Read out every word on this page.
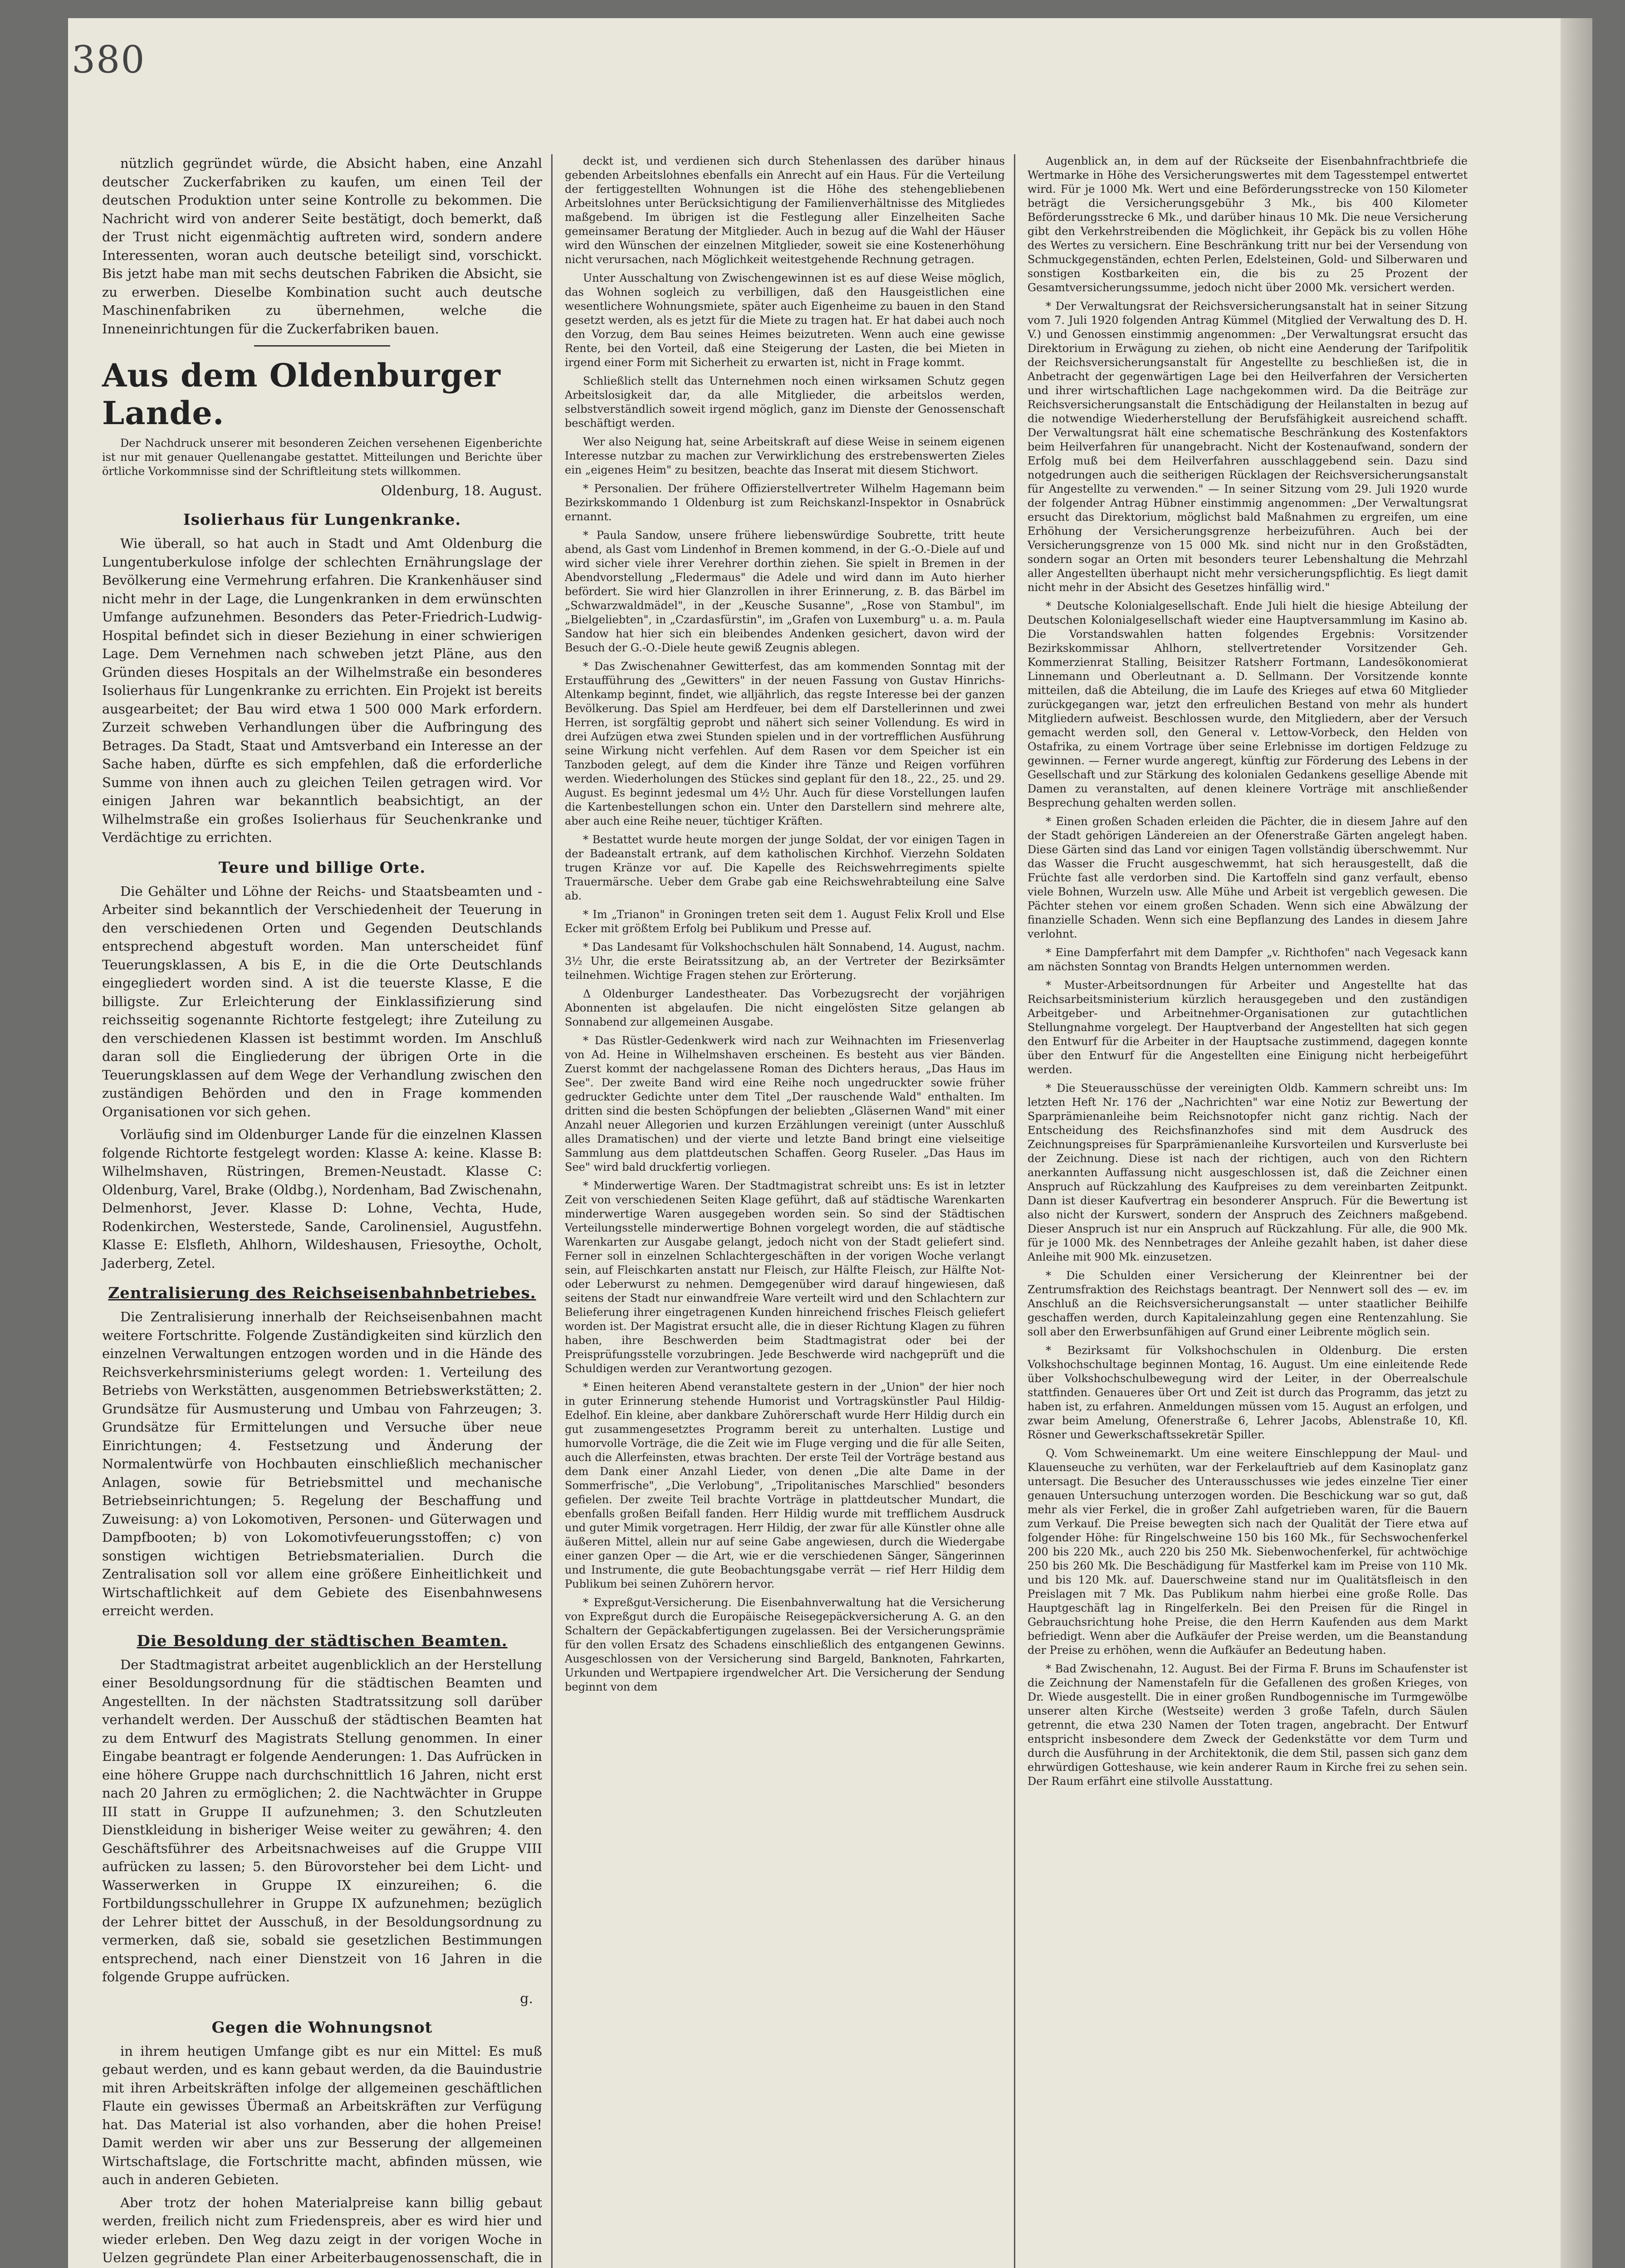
380

nützlich gegründet würde, die Absicht haben, eine Anzahl deutscher Zuckerfabriken zu kaufen, um einen Teil der deutschen Produktion unter seine Kontrolle zu bekommen. Die Nachricht wird von anderer Seite bestätigt, doch bemerkt, daß der Trust nicht eigenmächtig auftreten wird, sondern andere Interessenten, woran auch deutsche beteiligt sind, vorschickt. Bis jetzt habe man mit sechs deutschen Fabriken die Absicht, sie zu erwerben. Dieselbe Kombination sucht auch deutsche Maschinenfabriken zu übernehmen, welche die Inneneinrichtungen für die Zuckerfabriken bauen.

Aus dem Oldenburger Lande.

Der Nachdruck unserer mit besonderen Zeichen versehenen Eigenberichte ist nur mit genauer Quellenangabe gestattet. Mitteilungen und Berichte über örtliche Vorkommnisse sind der Schriftleitung stets willkommen.

Oldenburg, 18. August.
Isolierhaus für Lungenkranke.

Wie überall, so hat auch in Stadt und Amt Oldenburg die Lungentuberkulose infolge der schlechten Ernährungslage der Bevölkerung eine Vermehrung erfahren. Die Krankenhäuser sind nicht mehr in der Lage, die Lungenkranken in dem erwünschten Umfange aufzunehmen. Besonders das Peter-Friedrich-Ludwig-Hospital befindet sich in dieser Beziehung in einer schwierigen Lage. Dem Vernehmen nach schweben jetzt Pläne, aus den Gründen dieses Hospitals an der Wilhelmstraße ein besonderes Isolierhaus für Lungenkranke zu errichten. Ein Projekt ist bereits ausgearbeitet; der Bau wird etwa 1 500 000 Mark erfordern. Zurzeit schweben Verhandlungen über die Aufbringung des Betrages. Da Stadt, Staat und Amtsverband ein Interesse an der Sache haben, dürfte es sich empfehlen, daß die erforderliche Summe von ihnen auch zu gleichen Teilen getragen wird. Vor einigen Jahren war bekanntlich beabsichtigt, an der Wilhelmstraße ein großes Isolierhaus für Seuchenkranke und Verdächtige zu errichten.

Teure und billige Orte.

Die Gehälter und Löhne der Reichs- und Staatsbeamten und -Arbeiter sind bekanntlich der Verschiedenheit der Teuerung in den verschiedenen Orten und Gegenden Deutschlands entsprechend abgestuft worden. Man unterscheidet fünf Teuerungsklassen, A bis E, in die die Orte Deutschlands eingegliedert worden sind. A ist die teuerste Klasse, E die billigste. Zur Erleichterung der Einklassifizierung sind reichsseitig sogenannte Richtorte festgelegt; ihre Zuteilung zu den verschiedenen Klassen ist bestimmt worden. Im Anschluß daran soll die Eingliederung der übrigen Orte in die Teuerungsklassen auf dem Wege der Verhandlung zwischen den zuständigen Behörden und den in Frage kommenden Organisationen vor sich gehen.

Vorläufig sind im Oldenburger Lande für die einzelnen Klassen folgende Richtorte festgelegt worden: Klasse A: keine. Klasse B: Wilhelmshaven, Rüstringen, Bremen-Neustadt. Klasse C: Oldenburg, Varel, Brake (Oldbg.), Nordenham, Bad Zwischenahn, Delmenhorst, Jever. Klasse D: Lohne, Vechta, Hude, Rodenkirchen, Westerstede, Sande, Carolinensiel, Augustfehn. Klasse E: Elsfleth, Ahlhorn, Wildeshausen, Friesoythe, Ocholt, Jaderberg, Zetel.

Zentralisierung des Reichseisenbahnbetriebes.

Die Zentralisierung innerhalb der Reichseisenbahnen macht weitere Fortschritte. Folgende Zuständigkeiten sind kürzlich den einzelnen Verwaltungen entzogen worden und in die Hände des Reichsverkehrsministeriums gelegt worden: 1. Verteilung des Betriebs von Werkstätten, ausgenommen Betriebswerkstätten; 2. Grundsätze für Ausmusterung und Umbau von Fahrzeugen; 3. Grundsätze für Ermittelungen und Versuche über neue Einrichtungen; 4. Festsetzung und Änderung der Normalentwürfe von Hochbauten einschließlich mechanischer Anlagen, sowie für Betriebsmittel und mechanische Betriebseinrichtungen; 5. Regelung der Beschaffung und Zuweisung: a) von Lokomotiven, Personen- und Güterwagen und Dampfbooten; b) von Lokomotivfeuerungsstoffen; c) von sonstigen wichtigen Betriebsmaterialien. Durch die Zentralisation soll vor allem eine größere Einheitlichkeit und Wirtschaftlichkeit auf dem Gebiete des Eisenbahnwesens erreicht werden.

Die Besoldung der städtischen Beamten.

Der Stadtmagistrat arbeitet augenblicklich an der Herstellung einer Besoldungsordnung für die städtischen Beamten und Angestellten. In der nächsten Stadtratssitzung soll darüber verhandelt werden. Der Ausschuß der städtischen Beamten hat zu dem Entwurf des Magistrats Stellung genommen. In einer Eingabe beantragt er folgende Aenderungen: 1. Das Aufrücken in eine höhere Gruppe nach durchschnittlich 16 Jahren, nicht erst nach 20 Jahren zu ermöglichen; 2. die Nachtwächter in Gruppe III statt in Gruppe II aufzunehmen; 3. den Schutzleuten Dienstkleidung in bisheriger Weise weiter zu gewähren; 4. den Geschäftsführer des Arbeitsnachweises auf die Gruppe VIII aufrücken zu lassen; 5. den Bürovorsteher bei dem Licht- und Wasserwerken in Gruppe IX einzureihen; 6. die Fortbildungsschullehrer in Gruppe IX aufzunehmen; bezüglich der Lehrer bittet der Ausschuß, in der Besoldungsordnung zu vermerken, daß sie, sobald sie gesetzlichen Bestimmungen entsprechend, nach einer Dienstzeit von 16 Jahren in die folgende Gruppe aufrücken.

g.
Gegen die Wohnungsnot

in ihrem heutigen Umfange gibt es nur ein Mittel: Es muß gebaut werden, und es kann gebaut werden, da die Bauindustrie mit ihren Arbeitskräften infolge der allgemeinen geschäftlichen Flaute ein gewisses Übermaß an Arbeitskräften zur Verfügung hat. Das Material ist also vorhanden, aber die hohen Preise! Damit werden wir aber uns zur Besserung der allgemeinen Wirtschaftslage, die Fortschritte macht, abfinden müssen, wie auch in anderen Gebieten.

Aber trotz der hohen Materialpreise kann billig gebaut werden, freilich nicht zum Friedenspreis, aber es wird hier und wieder erleben. Den Weg dazu zeigt in der vorigen Woche in Uelzen gegründete Plan einer Arbeiterbaugenossenschaft, die in

deckt ist, und verdienen sich durch Stehenlassen des darüber hinaus gebenden Arbeitslohnes ebenfalls ein Anrecht auf ein Haus. Für die Verteilung der fertiggestellten Wohnungen ist die Höhe des stehengebliebenen Arbeitslohnes unter Berücksichtigung der Familienverhältnisse des Mitgliedes maßgebend. Im übrigen ist die Festlegung aller Einzelheiten Sache gemeinsamer Beratung der Mitglieder. Auch in bezug auf die Wahl der Häuser wird den Wünschen der einzelnen Mitglieder, soweit sie eine Kostenerhöhung nicht verursachen, nach Möglichkeit weitestgehende Rechnung getragen.

Unter Ausschaltung von Zwischengewinnen ist es auf diese Weise möglich, das Wohnen sogleich zu verbilligen, daß den Hausgeistlichen eine wesentlichere Wohnungsmiete, später auch Eigenheime zu bauen in den Stand gesetzt werden, als es jetzt für die Miete zu tragen hat. Er hat dabei auch noch den Vorzug, dem Bau seines Heimes beizutreten. Wenn auch eine gewisse Rente, bei den Vorteil, daß eine Steigerung der Lasten, die bei Mieten in irgend einer Form mit Sicherheit zu erwarten ist, nicht in Frage kommt.

Schließlich stellt das Unternehmen noch einen wirksamen Schutz gegen Arbeitslosigkeit dar, da alle Mitglieder, die arbeitslos werden, selbstverständlich soweit irgend möglich, ganz im Dienste der Genossenschaft beschäftigt werden.

Wer also Neigung hat, seine Arbeitskraft auf diese Weise in seinem eigenen Interesse nutzbar zu machen zur Verwirklichung des erstrebenswerten Zieles ein „eigenes Heim" zu besitzen, beachte das Inserat mit diesem Stichwort.

* Personalien. Der frühere Offizierstellvertreter Wilhelm Hagemann beim Bezirkskommando 1 Oldenburg ist zum Reichskanzl-Inspektor in Osnabrück ernannt.

* Paula Sandow, unsere frühere liebenswürdige Soubrette, tritt heute abend, als Gast vom Lindenhof in Bremen kommend, in der G.-O.-Diele auf und wird sicher viele ihrer Verehrer dorthin ziehen. Sie spielt in Bremen in der Abendvorstellung „Fledermaus" die Adele und wird dann im Auto hierher befördert. Sie wird hier Glanzrollen in ihrer Erinnerung, z. B. das Bärbel im „Schwarzwaldmädel", in der „Keusche Susanne", „Rose von Stambul", im „Bielgeliebten", in „Czardasfürstin", im „Grafen von Luxemburg" u. a. m. Paula Sandow hat hier sich ein bleibendes Andenken gesichert, davon wird der Besuch der G.-O.-Diele heute gewiß Zeugnis ablegen.

* Das Zwischenahner Gewitterfest, das am kommenden Sonntag mit der Erstaufführung des „Gewitters" in der neuen Fassung von Gustav Hinrichs-Altenkamp beginnt, findet, wie alljährlich, das regste Interesse bei der ganzen Bevölkerung. Das Spiel am Herdfeuer, bei dem elf Darstellerinnen und zwei Herren, ist sorgfältig geprobt und nähert sich seiner Vollendung. Es wird in drei Aufzügen etwa zwei Stunden spielen und in der vortrefflichen Ausführung seine Wirkung nicht verfehlen. Auf dem Rasen vor dem Speicher ist ein Tanzboden gelegt, auf dem die Kinder ihre Tänze und Reigen vorführen werden. Wiederholungen des Stückes sind geplant für den 18., 22., 25. und 29. August. Es beginnt jedesmal um 4½ Uhr. Auch für diese Vorstellungen laufen die Kartenbestellungen schon ein. Unter den Darstellern sind mehrere alte, aber auch eine Reihe neuer, tüchtiger Kräften.

* Bestattet wurde heute morgen der junge Soldat, der vor einigen Tagen in der Badeanstalt ertrank, auf dem katholischen Kirchhof. Vierzehn Soldaten trugen Kränze vor auf. Die Kapelle des Reichswehrregiments spielte Trauermärsche. Ueber dem Grabe gab eine Reichswehrabteilung eine Salve ab.

* Im „Trianon" in Groningen treten seit dem 1. August Felix Kroll und Else Ecker mit größtem Erfolg bei Publikum und Presse auf.

* Das Landesamt für Volkshochschulen hält Sonnabend, 14. August, nachm. 3½ Uhr, die erste Beiratssitzung ab, an der Vertreter der Bezirksämter teilnehmen. Wichtige Fragen stehen zur Erörterung.

Δ Oldenburger Landestheater. Das Vorbezugsrecht der vorjährigen Abonnenten ist abgelaufen. Die nicht eingelösten Sitze gelangen ab Sonnabend zur allgemeinen Ausgabe.

* Das Rüstler-Gedenkwerk wird nach zur Weihnachten im Friesenverlag von Ad. Heine in Wilhelmshaven erscheinen. Es besteht aus vier Bänden. Zuerst kommt der nachgelassene Roman des Dichters heraus, „Das Haus im See". Der zweite Band wird eine Reihe noch ungedruckter sowie früher gedruckter Gedichte unter dem Titel „Der rauschende Wald" enthalten. Im dritten sind die besten Schöpfungen der beliebten „Gläsernen Wand" mit einer Anzahl neuer Allegorien und kurzen Erzählungen vereinigt (unter Ausschluß alles Dramatischen) und der vierte und letzte Band bringt eine vielseitige Sammlung aus dem plattdeutschen Schaffen. Georg Ruseler. „Das Haus im See" wird bald druckfertig vorliegen.

* Minderwertige Waren. Der Stadtmagistrat schreibt uns: Es ist in letzter Zeit von verschiedenen Seiten Klage geführt, daß auf städtische Warenkarten minderwertige Waren ausgegeben worden sein. So sind der Städtischen Verteilungsstelle minderwertige Bohnen vorgelegt worden, die auf städtische Warenkarten zur Ausgabe gelangt, jedoch nicht von der Stadt geliefert sind. Ferner soll in einzelnen Schlachtergeschäften in der vorigen Woche verlangt sein, auf Fleischkarten anstatt nur Fleisch, zur Hälfte Fleisch, zur Hälfte Not- oder Leberwurst zu nehmen. Demgegenüber wird darauf hingewiesen, daß seitens der Stadt nur einwandfreie Ware verteilt wird und den Schlachtern zur Belieferung ihrer eingetragenen Kunden hinreichend frisches Fleisch geliefert worden ist. Der Magistrat ersucht alle, die in dieser Richtung Klagen zu führen haben, ihre Beschwerden beim Stadtmagistrat oder bei der Preisprüfungsstelle vorzubringen. Jede Beschwerde wird nachgeprüft und die Schuldigen werden zur Verantwortung gezogen.

* Einen heiteren Abend veranstaltete gestern in der „Union" der hier noch in guter Erinnerung stehende Humorist und Vortragskünstler Paul Hildig-Edelhof. Ein kleine, aber dankbare Zuhörerschaft wurde Herr Hildig durch ein gut zusammengesetztes Programm bereit zu unterhalten. Lustige und humorvolle Vorträge, die die Zeit wie im Fluge verging und die für alle Seiten, auch die Allerfeinsten, etwas brachten. Der erste Teil der Vorträge bestand aus dem Dank einer Anzahl Lieder, von denen „Die alte Dame in der Sommerfrische", „Die Verlobung", „Tripolitanisches Marschlied" besonders gefielen. Der zweite Teil brachte Vorträge in plattdeutscher Mundart, die ebenfalls großen Beifall fanden. Herr Hildig wurde mit trefflichem Ausdruck und guter Mimik vorgetragen. Herr Hildig, der zwar für alle Künstler ohne alle äußeren Mittel, allein nur auf seine Gabe angewiesen, durch die Wiedergabe einer ganzen Oper — die Art, wie er die verschiedenen Sänger, Sängerinnen und Instrumente, die gute Beobachtungsgabe verrät — rief Herr Hildig dem Publikum bei seinen Zuhörern hervor.

* Expreßgut-Versicherung. Die Eisenbahnverwaltung hat die Versicherung von Expreßgut durch die Europäische Reisegepäckversicherung A. G. an den Schaltern der Gepäckabfertigungen zugelassen. Bei der Versicherungsprämie für den vollen Ersatz des Schadens einschließlich des entgangenen Gewinns. Ausgeschlossen von der Versicherung sind Bargeld, Banknoten, Fahrkarten, Urkunden und Wertpapiere irgendwelcher Art. Die Versicherung der Sendung beginnt von dem

Augenblick an, in dem auf der Rückseite der Eisenbahnfrachtbriefe die Wertmarke in Höhe des Versicherungswertes mit dem Tagesstempel entwertet wird. Für je 1000 Mk. Wert und eine Beförderungsstrecke von 150 Kilometer beträgt die Versicherungsgebühr 3 Mk., bis 400 Kilometer Beförderungsstrecke 6 Mk., und darüber hinaus 10 Mk. Die neue Versicherung gibt den Verkehrstreibenden die Möglichkeit, ihr Gepäck bis zu vollen Höhe des Wertes zu versichern. Eine Beschränkung tritt nur bei der Versendung von Schmuckgegenständen, echten Perlen, Edelsteinen, Gold- und Silberwaren und sonstigen Kostbarkeiten ein, die bis zu 25 Prozent der Gesamtversicherungssumme, jedoch nicht über 2000 Mk. versichert werden.

* Der Verwaltungsrat der Reichsversicherungsanstalt hat in seiner Sitzung vom 7. Juli 1920 folgenden Antrag Kümmel (Mitglied der Verwaltung des D. H. V.) und Genossen einstimmig angenommen: „Der Verwaltungsrat ersucht das Direktorium in Erwägung zu ziehen, ob nicht eine Aenderung der Tarifpolitik der Reichsversicherungsanstalt für Angestellte zu beschließen ist, die in Anbetracht der gegenwärtigen Lage bei den Heilverfahren der Versicherten und ihrer wirtschaftlichen Lage nachgekommen wird. Da die Beiträge zur Reichsversicherungsanstalt die Entschädigung der Heilanstalten in bezug auf die notwendige Wiederherstellung der Berufsfähigkeit ausreichend schafft. Der Verwaltungsrat hält eine schematische Beschränkung des Kostenfaktors beim Heilverfahren für unangebracht. Nicht der Kostenaufwand, sondern der Erfolg muß bei dem Heilverfahren ausschlaggebend sein. Dazu sind notgedrungen auch die seitherigen Rücklagen der Reichsversicherungsanstalt für Angestellte zu verwenden." — In seiner Sitzung vom 29. Juli 1920 wurde der folgender Antrag Hübner einstimmig angenommen: „Der Verwaltungsrat ersucht das Direktorium, möglichst bald Maßnahmen zu ergreifen, um eine Erhöhung der Versicherungsgrenze herbeizuführen. Auch bei der Versicherungsgrenze von 15 000 Mk. sind nicht nur in den Großstädten, sondern sogar an Orten mit besonders teurer Lebenshaltung die Mehrzahl aller Angestellten überhaupt nicht mehr versicherungspflichtig. Es liegt damit nicht mehr in der Absicht des Gesetzes hinfällig wird."

* Deutsche Kolonialgesellschaft. Ende Juli hielt die hiesige Abteilung der Deutschen Kolonialgesellschaft wieder eine Hauptversammlung im Kasino ab. Die Vorstandswahlen hatten folgendes Ergebnis: Vorsitzender Bezirkskommissar Ahlhorn, stellvertretender Vorsitzender Geh. Kommerzienrat Stalling, Beisitzer Ratsherr Fortmann, Landesökonomierat Linnemann und Oberleutnant a. D. Sellmann. Der Vorsitzende konnte mitteilen, daß die Abteilung, die im Laufe des Krieges auf etwa 60 Mitglieder zurückgegangen war, jetzt den erfreulichen Bestand von mehr als hundert Mitgliedern aufweist. Beschlossen wurde, den Mitgliedern, aber der Versuch gemacht werden soll, den General v. Lettow-Vorbeck, den Helden von Ostafrika, zu einem Vortrage über seine Erlebnisse im dortigen Feldzuge zu gewinnen. — Ferner wurde angeregt, künftig zur Förderung des Lebens in der Gesellschaft und zur Stärkung des kolonialen Gedankens gesellige Abende mit Damen zu veranstalten, auf denen kleinere Vorträge mit anschließender Besprechung gehalten werden sollen.

* Einen großen Schaden erleiden die Pächter, die in diesem Jahre auf den der Stadt gehörigen Ländereien an der Ofenerstraße Gärten angelegt haben. Diese Gärten sind das Land vor einigen Tagen vollständig überschwemmt. Nur das Wasser die Frucht ausgeschwemmt, hat sich herausgestellt, daß die Früchte fast alle verdorben sind. Die Kartoffeln sind ganz verfault, ebenso viele Bohnen, Wurzeln usw. Alle Mühe und Arbeit ist vergeblich gewesen. Die Pächter stehen vor einem großen Schaden. Wenn sich eine Abwälzung der finanzielle Schaden. Wenn sich eine Bepflanzung des Landes in diesem Jahre verlohnt.

* Eine Dampferfahrt mit dem Dampfer „v. Richthofen" nach Vegesack kann am nächsten Sonntag von Brandts Helgen unternommen werden.

* Muster-Arbeitsordnungen für Arbeiter und Angestellte hat das Reichsarbeitsministerium kürzlich herausgegeben und den zuständigen Arbeitgeber- und Arbeitnehmer-Organisationen zur gutachtlichen Stellungnahme vorgelegt. Der Hauptverband der Angestellten hat sich gegen den Entwurf für die Arbeiter in der Hauptsache zustimmend, dagegen konnte über den Entwurf für die Angestellten eine Einigung nicht herbeigeführt werden.

* Die Steuerausschüsse der vereinigten Oldb. Kammern schreibt uns: Im letzten Heft Nr. 176 der „Nachrichten" war eine Notiz zur Bewertung der Sparprämienanleihe beim Reichsnotopfer nicht ganz richtig. Nach der Entscheidung des Reichsfinanzhofes sind mit dem Ausdruck des Zeichnungspreises für Sparprämienanleihe Kursvorteilen und Kursverluste bei der Zeichnung. Diese ist nach der richtigen, auch von den Richtern anerkannten Auffassung nicht ausgeschlossen ist, daß die Zeichner einen Anspruch auf Rückzahlung des Kaufpreises zu dem vereinbarten Zeitpunkt. Dann ist dieser Kaufvertrag ein besonderer Anspruch. Für die Bewertung ist also nicht der Kurswert, sondern der Anspruch des Zeichners maßgebend. Dieser Anspruch ist nur ein Anspruch auf Rückzahlung. Für alle, die 900 Mk. für je 1000 Mk. des Nennbetrages der Anleihe gezahlt haben, ist daher diese Anleihe mit 900 Mk. einzusetzen.

* Die Schulden einer Versicherung der Kleinrentner bei der Zentrumsfraktion des Reichstags beantragt. Der Nennwert soll des — ev. im Anschluß an die Reichsversicherungsanstalt — unter staatlicher Beihilfe geschaffen werden, durch Kapitaleinzahlung gegen eine Rentenzahlung. Sie soll aber den Erwerbsunfähigen auf Grund einer Leibrente möglich sein.

* Bezirksamt für Volkshochschulen in Oldenburg. Die ersten Volkshochschultage beginnen Montag, 16. August. Um eine einleitende Rede über Volkshochschulbewegung wird der Leiter, in der Oberrealschule stattfinden. Genaueres über Ort und Zeit ist durch das Programm, das jetzt zu haben ist, zu erfahren. Anmeldungen müssen vom 15. August an erfolgen, und zwar beim Amelung, Ofenerstraße 6, Lehrer Jacobs, Ablenstraße 10, Kfl. Rösner und Gewerkschaftssekretär Spiller.

Q. Vom Schweinemarkt. Um eine weitere Einschleppung der Maul- und Klauenseuche zu verhüten, war der Ferkelauftrieb auf dem Kasinoplatz ganz untersagt. Die Besucher des Unterausschusses wie jedes einzelne Tier einer genauen Untersuchung unterzogen worden. Die Beschickung war so gut, daß mehr als vier Ferkel, die in großer Zahl aufgetrieben waren, für die Bauern zum Verkauf. Die Preise bewegten sich nach der Qualität der Tiere etwa auf folgender Höhe: für Ringelschweine 150 bis 160 Mk., für Sechswochenferkel 200 bis 220 Mk., auch 220 bis 250 Mk. Siebenwochenferkel, für achtwöchige 250 bis 260 Mk. Die Beschädigung für Mastferkel kam im Preise von 110 Mk. und bis 120 Mk. auf. Dauerschweine stand nur im Qualitätsfleisch in den Preislagen mit 7 Mk. Das Publikum nahm hierbei eine große Rolle. Das Hauptgeschäft lag in Ringelferkeln. Bei den Preisen für die Ringel in Gebrauchsrichtung hohe Preise, die den Herrn Kaufenden aus dem Markt befriedigt. Wenn aber die Aufkäufer der Preise werden, um die Beanstandung der Preise zu erhöhen, wenn die Aufkäufer an Bedeutung haben.

* Bad Zwischenahn, 12. August. Bei der Firma F. Bruns im Schaufenster ist die Zeichnung der Namenstafeln für die Gefallenen des großen Krieges, von Dr. Wiede ausgestellt. Die in einer großen Rundbogennische im Turmgewölbe unserer alten Kirche (Westseite) werden 3 große Tafeln, durch Säulen getrennt, die etwa 230 Namen der Toten tragen, angebracht. Der Entwurf entspricht insbesondere dem Zweck der Gedenkstätte vor dem Turm und durch die Ausführung in der Architektonik, die dem Stil, passen sich ganz dem ehrwürdigen Gotteshause, wie kein anderer Raum in Kirche frei zu sehen sein. Der Raum erfährt eine stilvolle Ausstattung.
